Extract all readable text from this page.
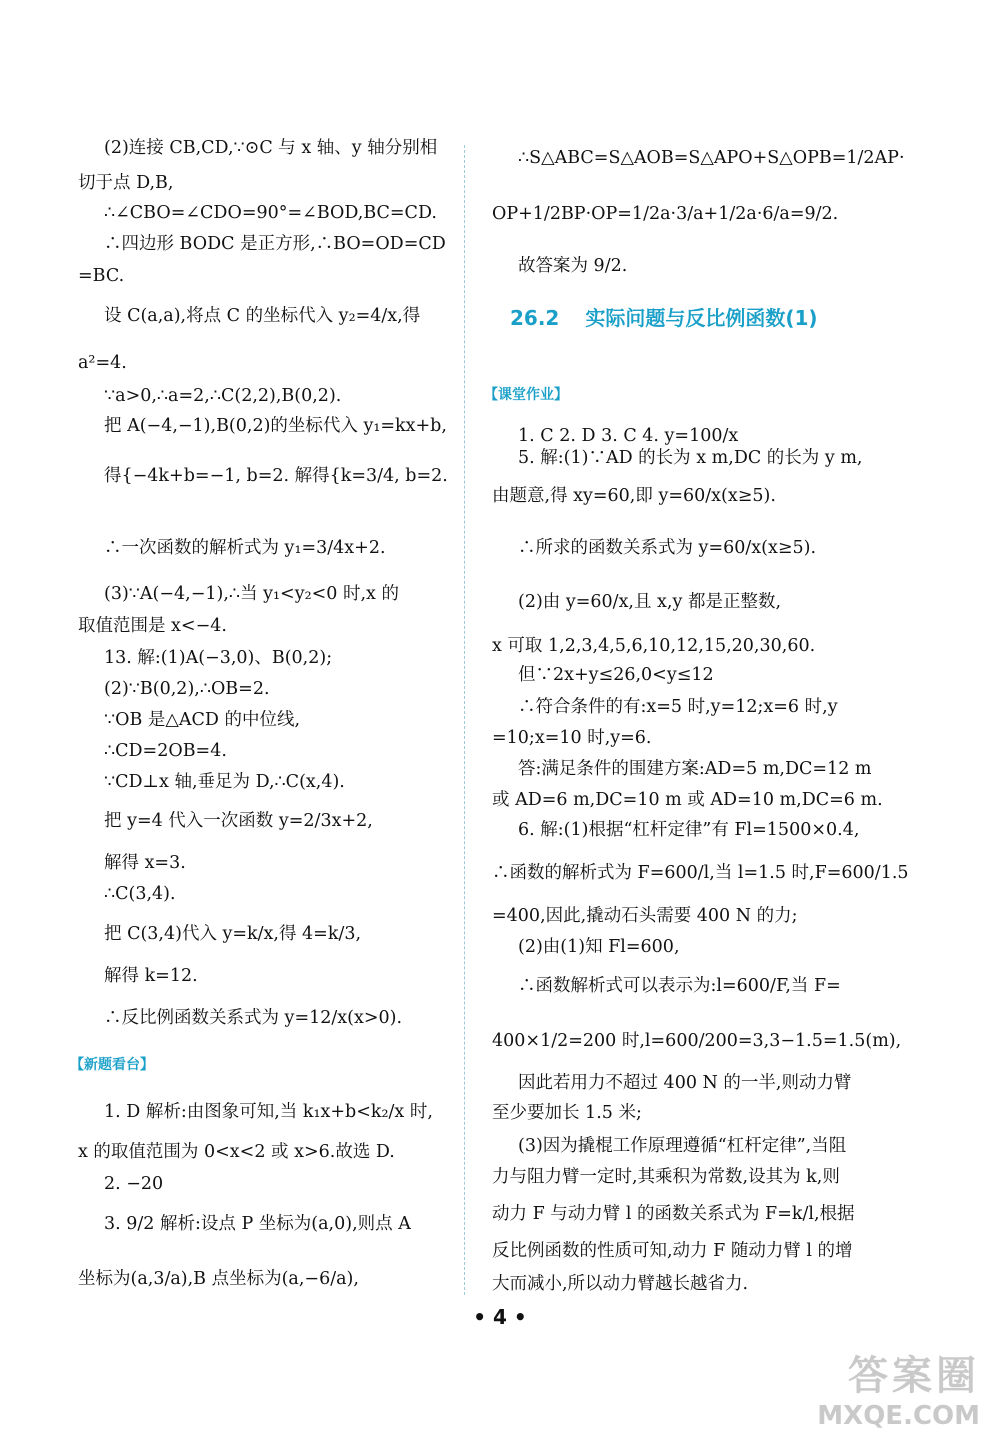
(2)连接 CB,CD,∵⊙C 与 x 轴、y 轴分别相
切于点 D,B,
∴∠CBO=∠CDO=90°=∠BOD,BC=CD.
∴四边形 BODC 是正方形,∴BO=OD=CD
=BC.
设 C(a,a),将点 C 的坐标代入 y₂=4/x,得
a²=4.
∵a>0,∴a=2,∴C(2,2),B(0,2).
把 A(−4,−1),B(0,2)的坐标代入 y₁=kx+b,
得{−4k+b=−1, b=2. 解得{k=3/4, b=2.
∴一次函数的解析式为 y₁=3/4x+2.
(3)∵A(−4,−1),∴当 y₁<y₂<0 时,x 的
取值范围是 x<−4.
13. 解:(1)A(−3,0)、B(0,2);
(2)∵B(0,2),∴OB=2.
∵OB 是△ACD 的中位线,
∴CD=2OB=4.
∵CD⊥x 轴,垂足为 D,∴C(x,4).
把 y=4 代入一次函数 y=2/3x+2,
解得 x=3.
∴C(3,4).
把 C(3,4)代入 y=k/x,得 4=k/3,
解得 k=12.
∴反比例函数关系式为 y=12/x(x>0).
【新题看台】
1. D 解析:由图象可知,当 k₁x+b<k₂/x 时,
x 的取值范围为 0<x<2 或 x>6.故选 D.
2. −20
3. 9/2 解析:设点 P 坐标为(a,0),则点 A
坐标为(a,3/a),B 点坐标为(a,−6/a),
∴S△ABC=S△AOB=S△APO+S△OPB=1/2AP·
OP+1/2BP·OP=1/2a·3/a+1/2a·6/a=9/2.
故答案为 9/2.
26.2 实际问题与反比例函数(1)
【课堂作业】
1. C 2. D 3. C 4. y=100/x
5. 解:(1)∵AD 的长为 x m,DC 的长为 y m,
由题意,得 xy=60,即 y=60/x(x≥5).
∴所求的函数关系式为 y=60/x(x≥5).
(2)由 y=60/x,且 x,y 都是正整数,
x 可取 1,2,3,4,5,6,10,12,15,20,30,60.
但∵2x+y≤26,0<y≤12
∴符合条件的有:x=5 时,y=12;x=6 时,y
=10;x=10 时,y=6.
答:满足条件的围建方案:AD=5 m,DC=12 m
或 AD=6 m,DC=10 m 或 AD=10 m,DC=6 m.
6. 解:(1)根据“杠杆定律”有 Fl=1500×0.4,
∴函数的解析式为 F=600/l,当 l=1.5 时,F=600/1.5
=400,因此,撬动石头需要 400 N 的力;
(2)由(1)知 Fl=600,
∴函数解析式可以表示为:l=600/F,当 F=
400×1/2=200 时,l=600/200=3,3−1.5=1.5(m),
因此若用力不超过 400 N 的一半,则动力臂
至少要加长 1.5 米;
(3)因为撬棍工作原理遵循“杠杆定律”,当阻
力与阻力臂一定时,其乘积为常数,设其为 k,则
动力 F 与动力臂 l 的函数关系式为 F=k/l,根据
反比例函数的性质可知,动力 F 随动力臂 l 的增
大而减小,所以动力臂越长越省力.
• 4 •
答案圈
MXQE.COM
